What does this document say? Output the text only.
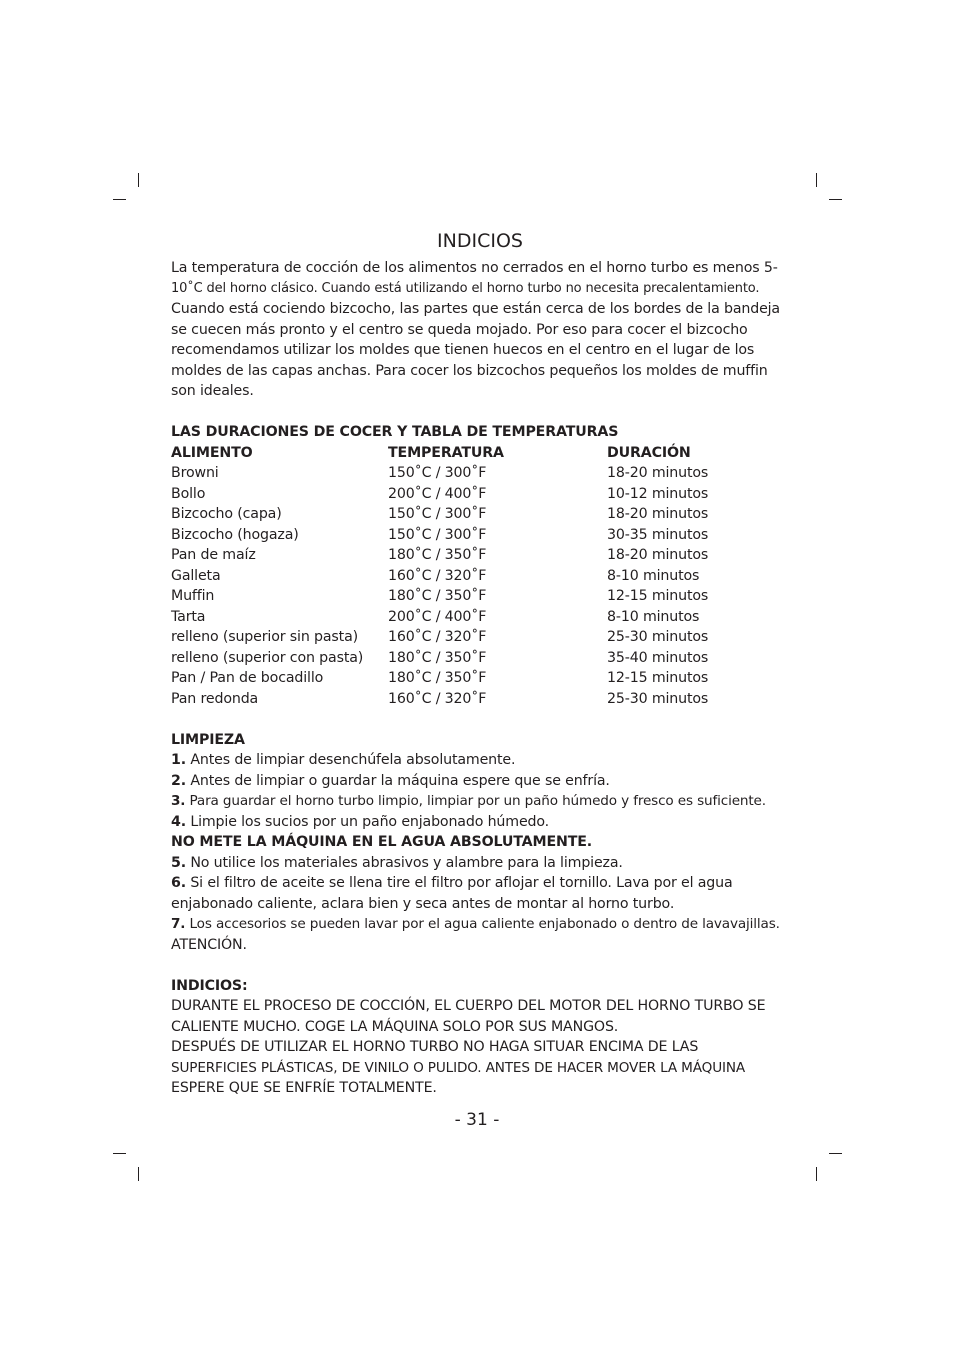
INDICIOS

La temperatura de cocción de los alimentos no cerrados en el horno turbo es menos 5-

10˚C del horno clásico. Cuando está utilizando el horno turbo no necesita precalentamiento.

Cuando está cociendo bizcocho, las partes que están cerca de los bordes de la bandeja

se cuecen más pronto y el centro se queda mojado. Por eso para cocer el bizcocho

recomendamos utilizar los moldes que tienen huecos en el centro en el lugar de los

moldes de las capas anchas. Para cocer los bizcochos pequeños los moldes de muffin

son ideales.

LAS DURACIONES DE COCER Y TABLA DE TEMPERATURAS

ALIMENTO	TEMPERATURA	DURACIÓN
Browni	150˚C / 300˚F	18-20 minutos
Bollo	200˚C / 400˚F	10-12 minutos
Bizcocho (capa)	150˚C / 300˚F	18-20 minutos
Bizcocho (hogaza)	150˚C / 300˚F	30-35 minutos
Pan de maíz	180˚C / 350˚F	18-20 minutos
Galleta	160˚C / 320˚F	8-10 minutos
Muffin	180˚C / 350˚F	12-15 minutos
Tarta	200˚C / 400˚F	8-10 minutos
relleno (superior sin pasta)	160˚C / 320˚F	25-30 minutos
relleno (superior con pasta)	180˚C / 350˚F	35-40 minutos
Pan / Pan de bocadillo	180˚C / 350˚F	12-15 minutos
Pan redonda	160˚C / 320˚F	25-30 minutos

LIMPIEZA

1. Antes de limpiar desenchúfela absolutamente.

2. Antes de limpiar o guardar la máquina espere que se enfría.

3. Para guardar el horno turbo limpio, limpiar por un paño húmedo y fresco es suficiente.

4. Limpie los sucios por un paño enjabonado húmedo.

NO METE LA MÁQUINA EN EL AGUA ABSOLUTAMENTE.

5. No utilice los materiales abrasivos y alambre para la limpieza.

6. Si el filtro de aceite se llena tire el filtro por aflojar el tornillo. Lava por el agua

enjabonado caliente, aclara bien y seca antes de montar al horno turbo.

7. Los accesorios se pueden lavar por el agua caliente enjabonado o dentro de lavavajillas.

ATENCIÓN.

INDICIOS:

DURANTE EL PROCESO DE COCCIÓN, EL CUERPO DEL MOTOR DEL HORNO TURBO SE

CALIENTE MUCHO. COGE LA MÁQUINA SOLO POR SUS MANGOS.

DESPUÉS DE UTILIZAR EL HORNO TURBO NO HAGA SITUAR ENCIMA DE LAS

SUPERFICIES PLÁSTICAS, DE VINILO O PULIDO. ANTES DE HACER MOVER LA MÁQUINA

ESPERE QUE SE ENFRÍE TOTALMENTE.

- 31 -
